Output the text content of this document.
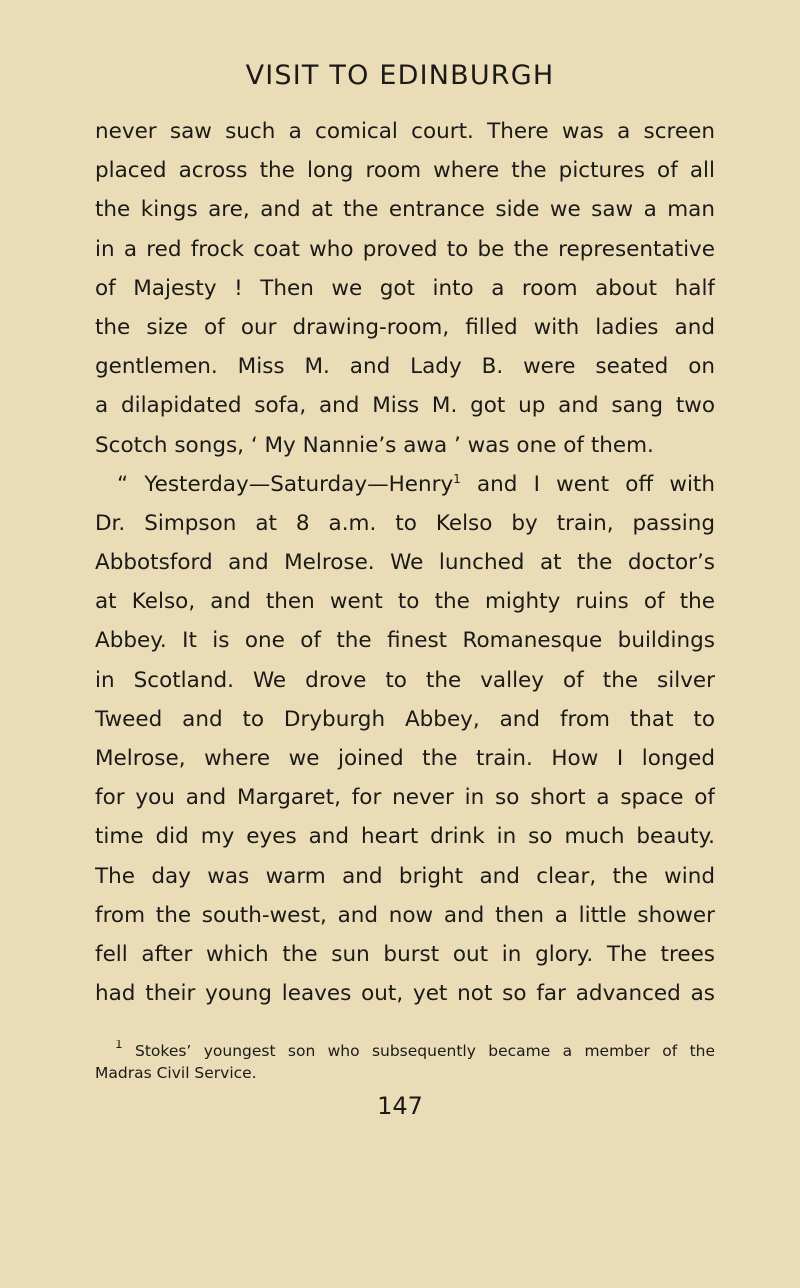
VISIT TO EDINBURGH
never saw such a comical court. There was a screen
placed across the long room where the pictures of all
the kings are, and at the entrance side we saw a man
in a red frock coat who proved to be the representative
of Majesty ! Then we got into a room about half
the size of our drawing-room, filled with ladies and
gentlemen. Miss M. and Lady B. were seated on
a dilapidated sofa, and Miss M. got up and sang two
Scotch songs, ‘ My Nannie’s awa ’ was one of them.
“ Yesterday—Saturday—Henry$^1$ and I went off with
Dr. Simpson at 8 a.m. to Kelso by train, passing
Abbotsford and Melrose. We lunched at the doctor’s
at Kelso, and then went to the mighty ruins of the
Abbey. It is one of the finest Romanesque buildings
in Scotland. We drove to the valley of the silver
Tweed and to Dryburgh Abbey, and from that to
Melrose, where we joined the train. How I longed
for you and Margaret, for never in so short a space of
time did my eyes and heart drink in so much beauty.
The day was warm and bright and clear, the wind
from the south-west, and now and then a little shower
fell after which the sun burst out in glory. The trees
had their young leaves out, yet not so far advanced as
$^1$ Stokes’ youngest son who subsequently became a member of the
Madras Civil Service.
147
